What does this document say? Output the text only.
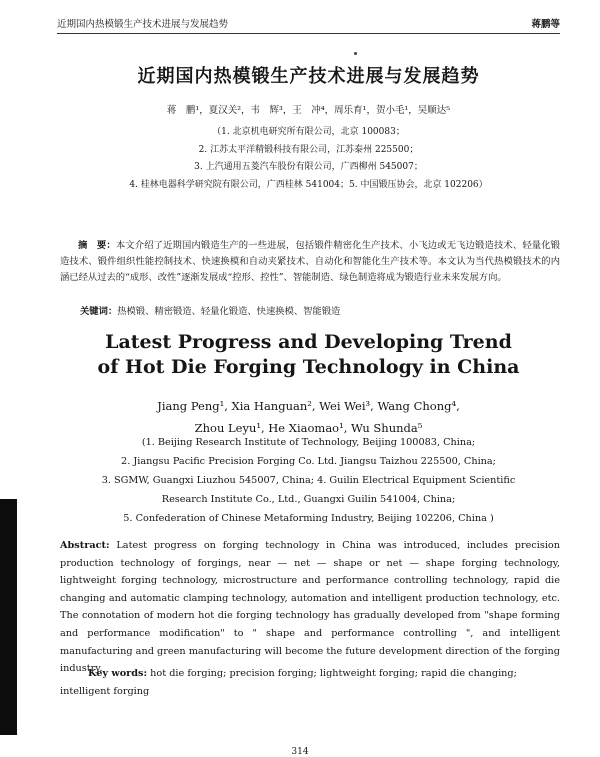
近期国内热模锻生产技术进展与发展趋势	蒋鹏等
近期国内热模锻生产技术进展与发展趋势
蒋　鹏¹，夏汉关²，韦　辉³，王　冲⁴，周乐育¹，贺小毛¹，吴顺达⁵
（1. 北京机电研究所有限公司，北京 100083；
2. 江苏太平洋精锻科技有限公司，江苏泰州 225500；
3. 上汽通用五菱汽车股份有限公司，广西柳州 545007；
4. 桂林电器科学研究院有限公司，广西桂林 541004；5. 中国锻压协会，北京 102206）
摘　要：本文介绍了近期国内锻造生产的一些进展，包括锻件精密化生产技术、小飞边或无飞边锻造技术、轻量化锻造技术、锻件组织性能控制技术、快速换模和自动夹紧技术、自动化和智能化生产技术等。本文认为当代热模锻技术的内涵已经从过去的“成形、改性”逐渐发展成“控形、控性”、智能制造、绿色制造将成为锻造行业未来发展方向。
关键词：热模锻、精密锻造、轻量化锻造、快速换模、智能锻造
Latest Progress and Developing Trend
of Hot Die Forging Technology in China
Jiang Peng¹, Xia Hanguan², Wei Wei³, Wang Chong⁴,
Zhou Leyu¹, He Xiaomao¹, Wu Shunda⁵
(1. Beijing Research Institute of Technology, Beijing 100083, China;
2. Jiangsu Pacific Precision Forging Co. Ltd. Jiangsu Taizhou 225500, China;
3. SGMW, Guangxi Liuzhou 545007, China; 4. Guilin Electrical Equipment Scientific
Research Institute Co., Ltd., Guangxi Guilin 541004, China;
5. Confederation of Chinese Metaforming Industry, Beijing 102206, China )
Abstract: Latest progress on forging technology in China was introduced, includes precision production technology of forgings, near — net — shape or net — shape forging technology, lightweight forging technology, microstructure and performance controlling technology, rapid die changing and automatic clamping technology, automation and intelligent production technology, etc. The connotation of modern hot die forging technology has gradually developed from "shape forming and performance modification" to " shape and performance controlling ", and intelligent manufacturing and green manufacturing will become the future development direction of the forging industry.
Key words: hot die forging; precision forging; lightweight forging; rapid die changing; intelligent forging
314
